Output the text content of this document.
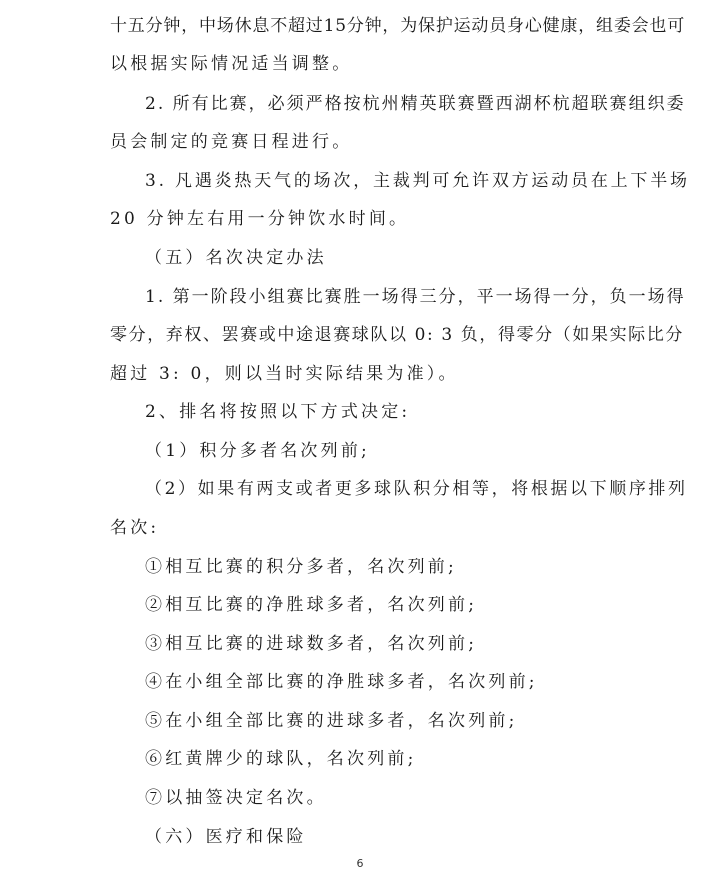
十五分钟，中场休息不超过15分钟，为保护运动员身心健康，组委会也可
以根据实际情况适当调整。
2. 所有比赛，必须严格按杭州精英联赛暨西湖杯杭超联赛组织委
员会制定的竞赛日程进行。
3. 凡遇炎热天气的场次，主裁判可允许双方运动员在上下半场
20 分钟左右用一分钟饮水时间。
（五）名次决定办法
1. 第一阶段小组赛比赛胜一场得三分，平一场得一分，负一场得
零分，弃权、罢赛或中途退赛球队以 0: 3 负，得零分（如果实际比分
超过 3: 0，则以当时实际结果为准）。
2、排名将按照以下方式决定:
（1）积分多者名次列前;
（2）如果有两支或者更多球队积分相等，将根据以下顺序排列
名次:
①相互比赛的积分多者，名次列前;
②相互比赛的净胜球多者，名次列前;
③相互比赛的进球数多者，名次列前;
④在小组全部比赛的净胜球多者，名次列前;
⑤在小组全部比赛的进球多者，名次列前;
⑥红黄牌少的球队，名次列前;
⑦以抽签决定名次。
（六）医疗和保险
6
